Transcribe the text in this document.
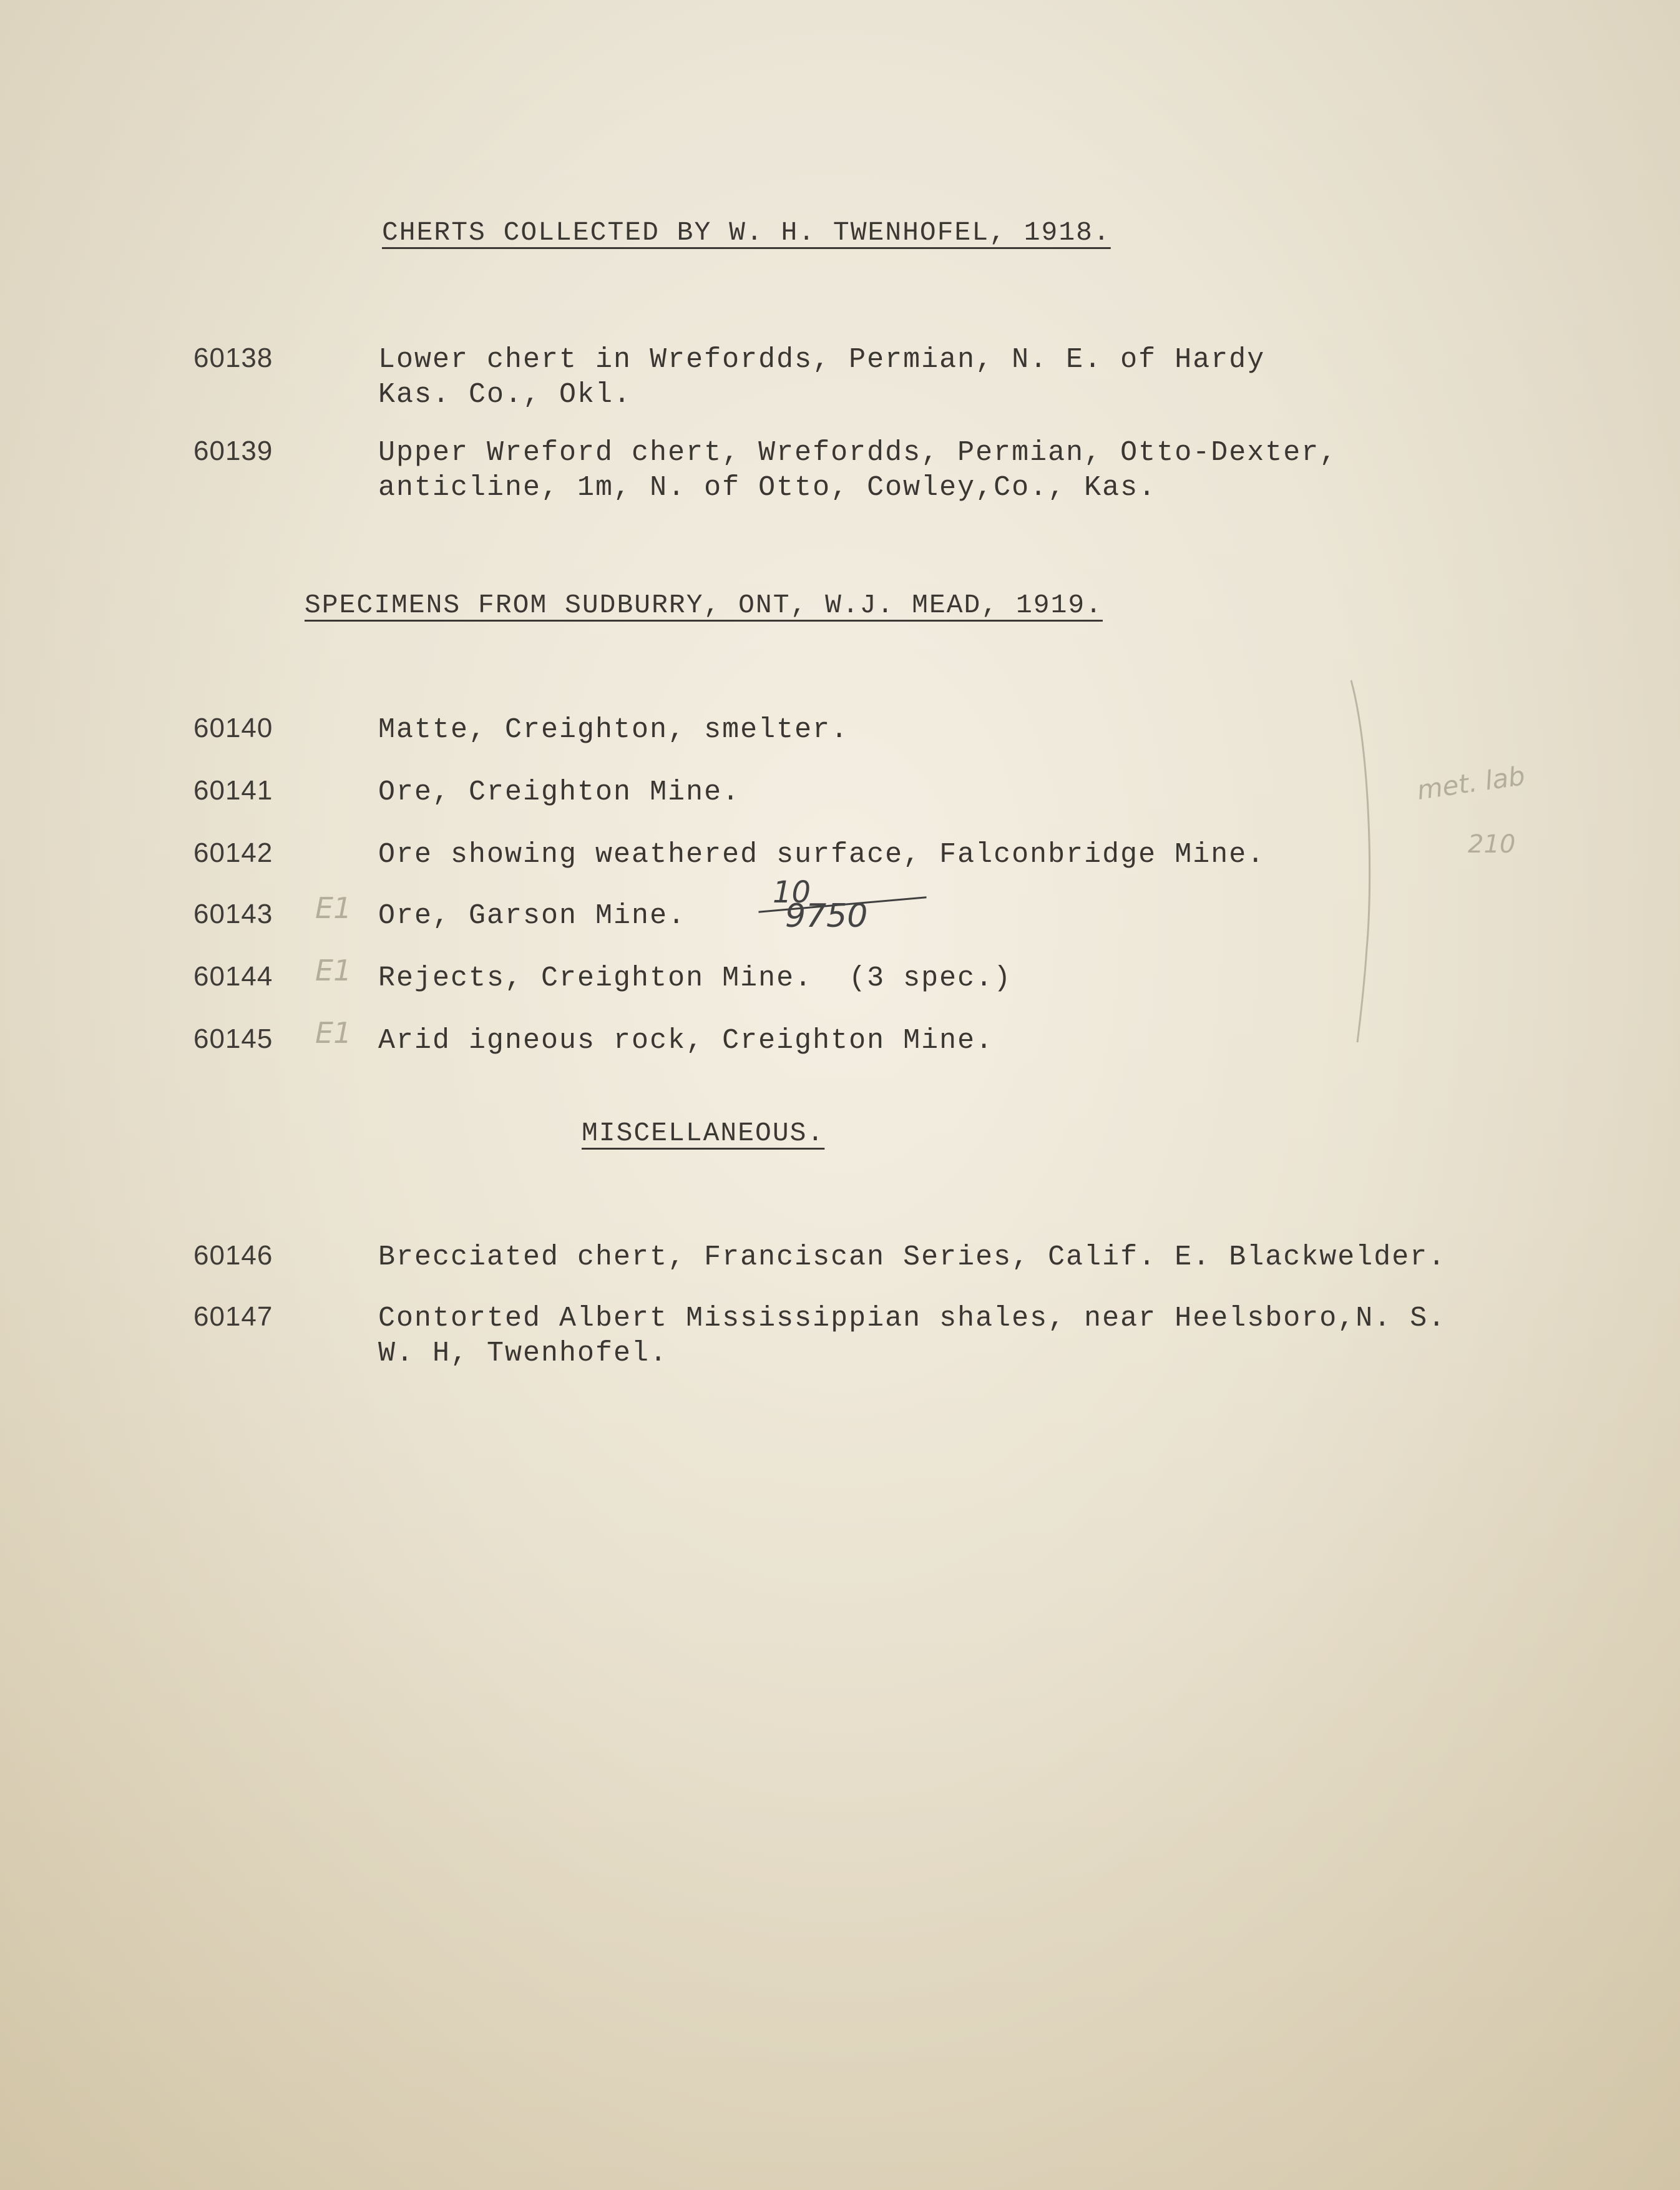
CHERTS COLLECTED BY W. H. TWENHOFEL, 1918.
60138	Lower chert in Wrefordds, Permian, N. E. of Hardy
Kas. Co., Okl.
60139	Upper Wreford chert, Wrefordds, Permian, Otto-Dexter,
anticline, 1m, N. of Otto, Cowley,Co., Kas.
SPECIMENS FROM SUDBURRY, ONT, W.J. MEAD, 1919.
60140	Matte, Creighton, smelter.
60141	Ore, Creighton Mine.
60142	Ore showing weathered surface, Falconbridge Mine.
60143	Ore, Garson Mine.
60144	Rejects, Creighton Mine.  (3 spec.)
60145	Arid igneous rock, Creighton Mine.
E1
E1
E1
10
9750
met. lab
210
MISCELLANEOUS.
60146	Brecciated chert, Franciscan Series, Calif. E. Blackwelder.
60147	Contorted Albert Mississippian shales, near Heelsboro,N. S.
W. H, Twenhofel.
